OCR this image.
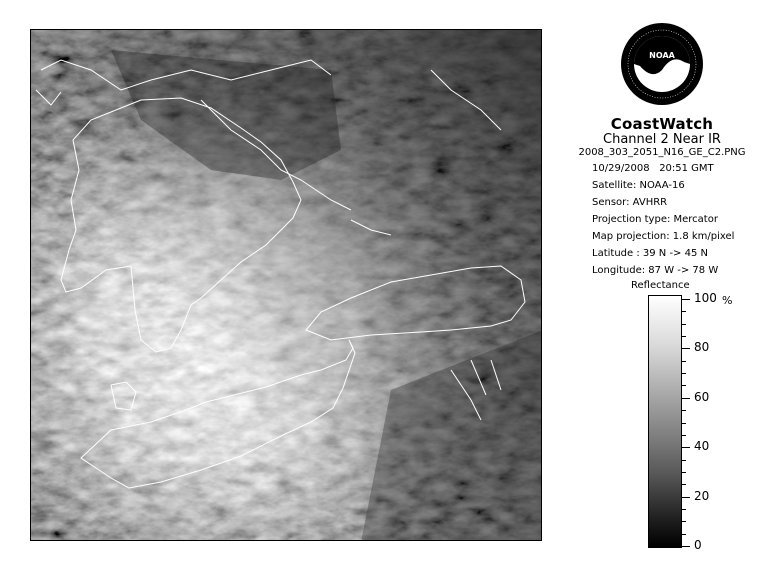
NOAA
CoastWatch
Channel 2 Near IR
2008_303_2051_N16_GE_C2.PNG
10/29/2008 20:51 GMT
Satellite: NOAA-16
Sensor: AVHRR
Projection type: Mercator
Map projection: 1.8 km/pixel
Latitude : 39 N -> 45 N
Longitude: 87 W -> 78 W
Reflectance
100
80
60
40
20
0
%
